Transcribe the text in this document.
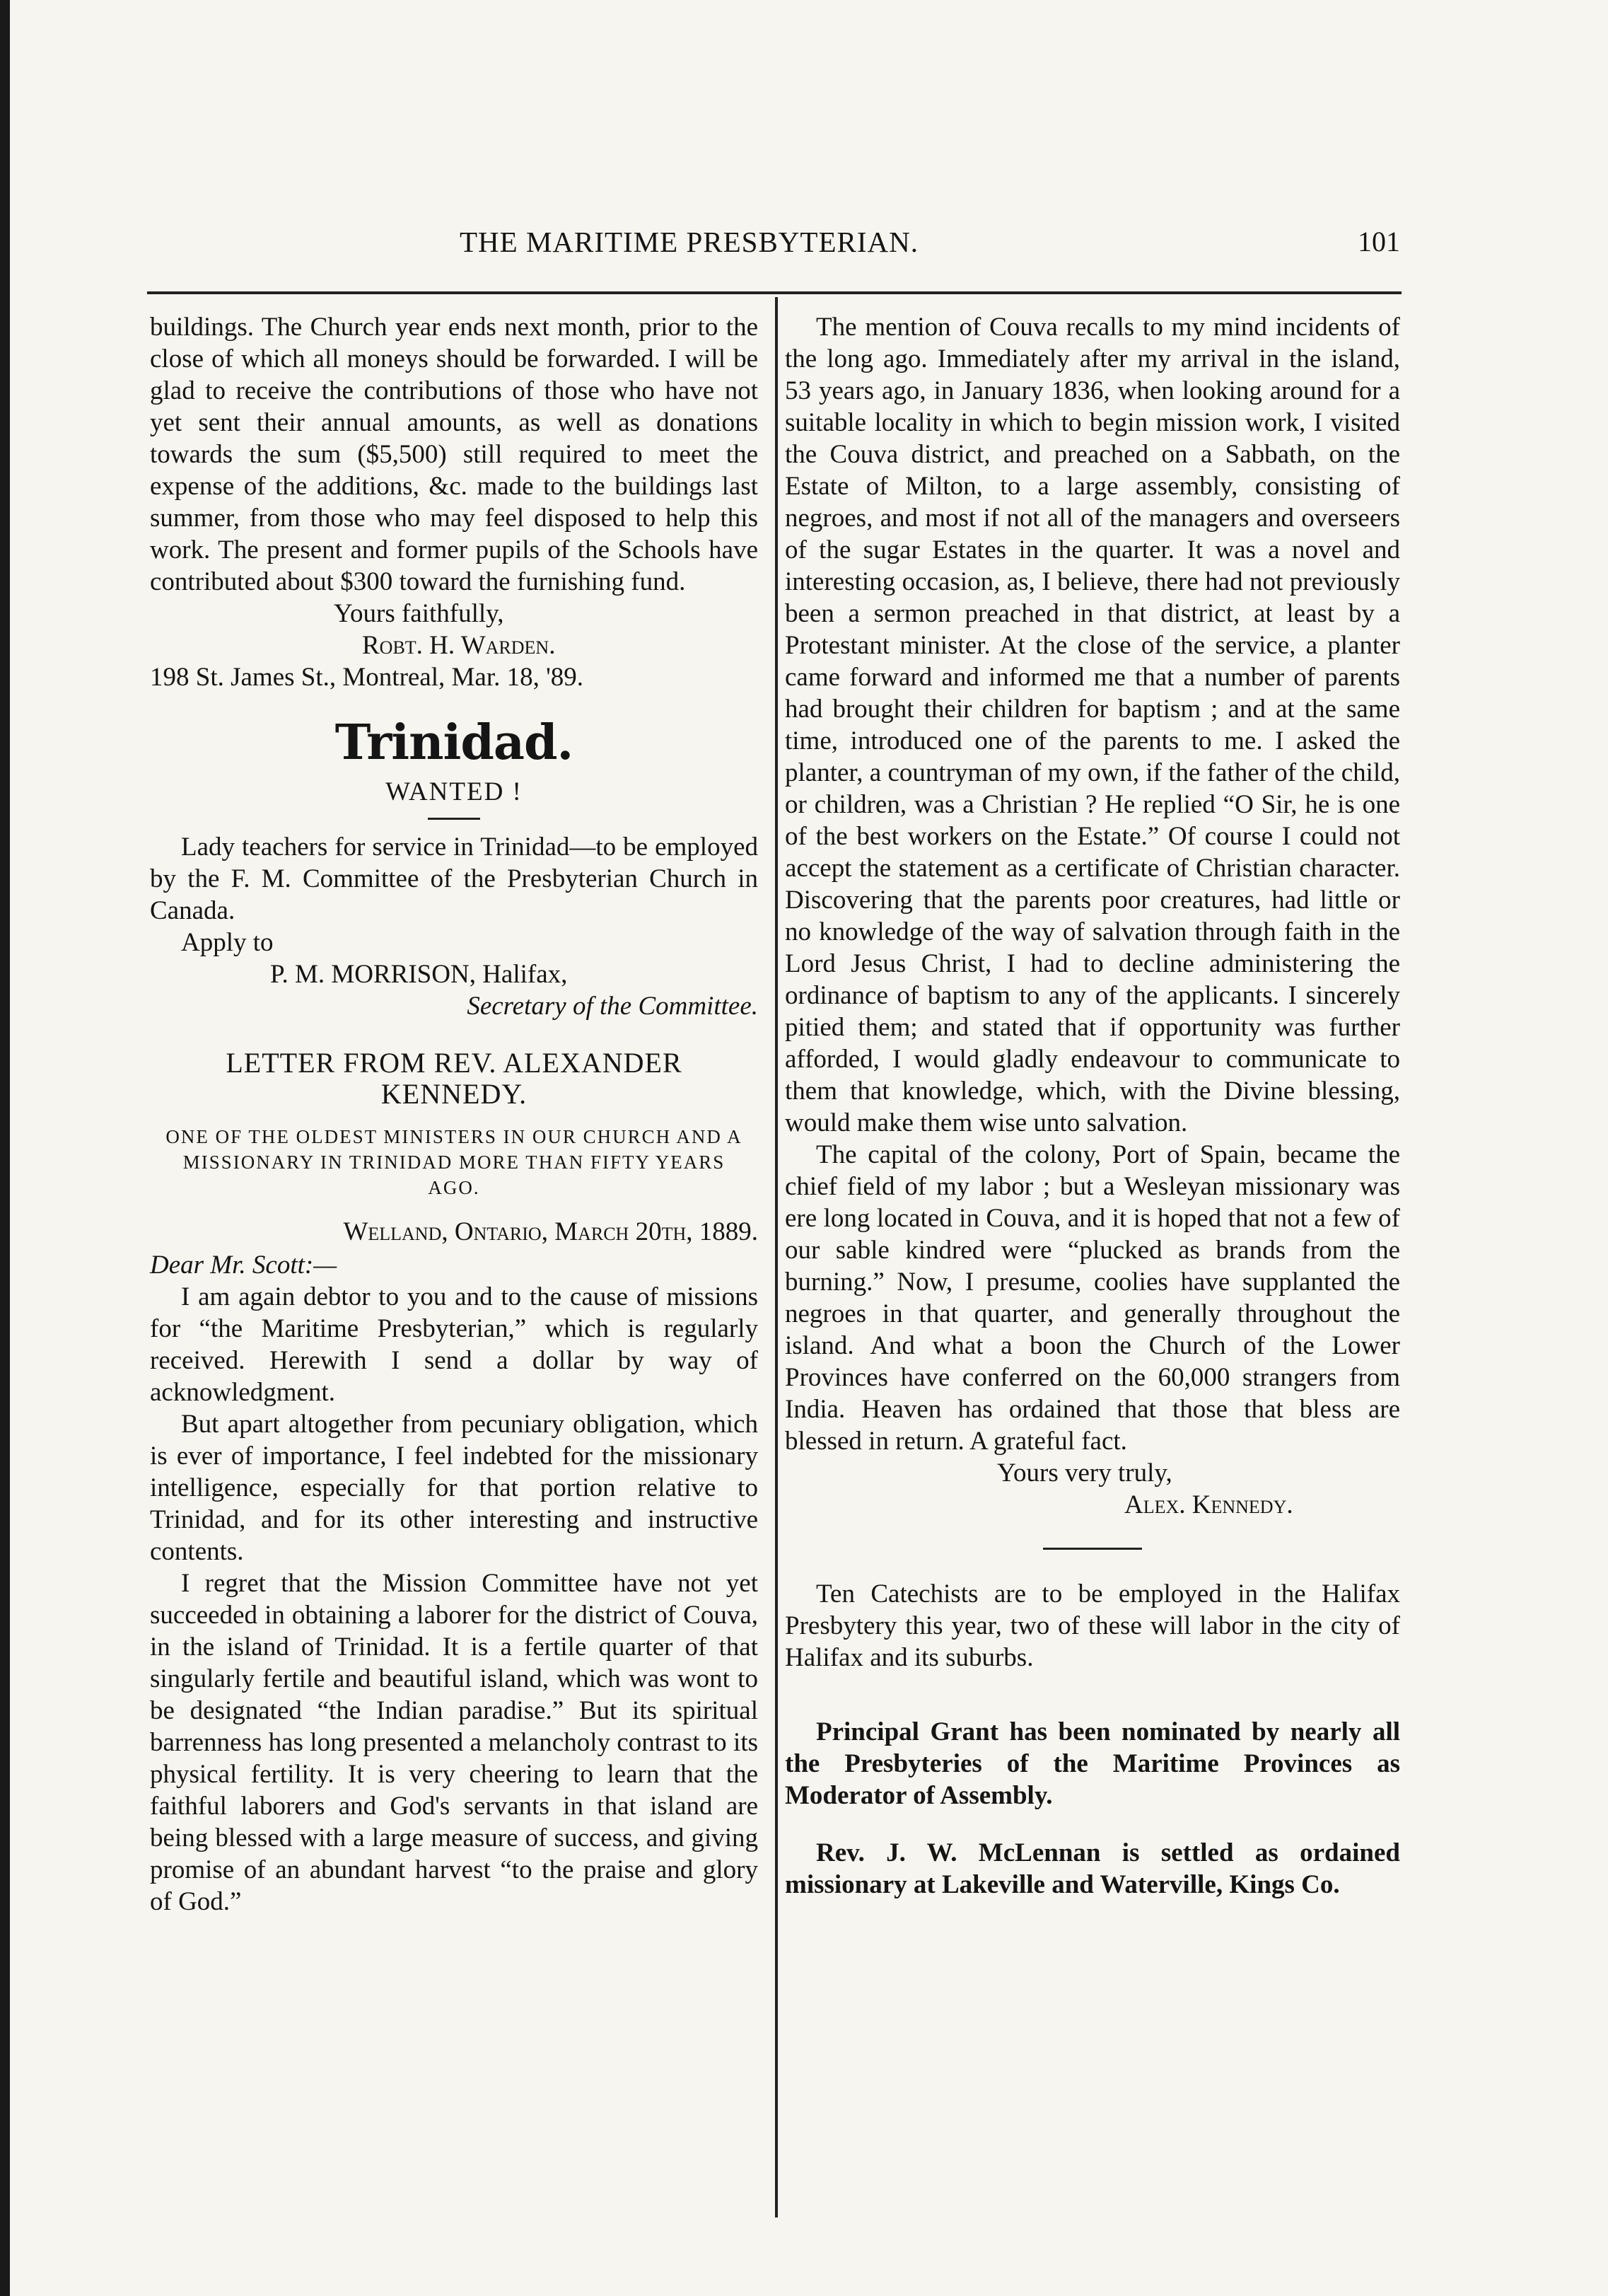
THE MARITIME PRESBYTERIAN.	101

buildings. The Church year ends next month, prior to the close of which all moneys should be forwarded. I will be glad to receive the contributions of those who have not yet sent their annual amounts, as well as donations towards the sum ($5,500) still required to meet the expense of the additions, &c. made to the buildings last summer, from those who may feel disposed to help this work. The present and former pupils of the Schools have contributed about $300 toward the furnishing fund.

Yours faithfully,

Robt. H. Warden.

198 St. James St., Montreal, Mar. 18, '89.

Trinidad.
WANTED !

Lady teachers for service in Trinidad—to be employed by the F. M. Committee of the Presbyterian Church in Canada.

Apply to

P. M. MORRISON, Halifax,

Secretary of the Committee.

LETTER FROM REV. ALEXANDER KENNEDY.
ONE OF THE OLDEST MINISTERS IN OUR CHURCH AND A MISSIONARY IN TRINIDAD MORE THAN FIFTY YEARS AGO.

Welland, Ontario, March 20th, 1889.

Dear Mr. Scott:—

I am again debtor to you and to the cause of missions for “the Maritime Presbyterian,” which is regularly received. Herewith I send a dollar by way of acknowledgment.

But apart altogether from pecuniary obligation, which is ever of importance, I feel indebted for the missionary intelligence, especially for that portion relative to Trinidad, and for its other interesting and instructive contents.

I regret that the Mission Committee have not yet succeeded in obtaining a laborer for the district of Couva, in the island of Trinidad. It is a fertile quarter of that singularly fertile and beautiful island, which was wont to be designated “the Indian paradise.” But its spiritual barrenness has long presented a melancholy contrast to its physical fertility. It is very cheering to learn that the faithful laborers and God's servants in that island are being blessed with a large measure of success, and giving promise of an abundant harvest “to the praise and glory of God.”

The mention of Couva recalls to my mind incidents of the long ago. Immediately after my arrival in the island, 53 years ago, in January 1836, when looking around for a suitable locality in which to begin mission work, I visited the Couva district, and preached on a Sabbath, on the Estate of Milton, to a large assembly, consisting of negroes, and most if not all of the managers and overseers of the sugar Estates in the quarter. It was a novel and interesting occasion, as, I believe, there had not previously been a sermon preached in that district, at least by a Protestant minister. At the close of the service, a planter came forward and informed me that a number of parents had brought their children for baptism ; and at the same time, introduced one of the parents to me. I asked the planter, a countryman of my own, if the father of the child, or children, was a Christian ? He replied “O Sir, he is one of the best workers on the Estate.” Of course I could not accept the statement as a certificate of Christian character. Discovering that the parents poor creatures, had little or no knowledge of the way of salvation through faith in the Lord Jesus Christ, I had to decline administering the ordinance of baptism to any of the applicants. I sincerely pitied them; and stated that if opportunity was further afforded, I would gladly endeavour to communicate to them that knowledge, which, with the Divine blessing, would make them wise unto salvation.

The capital of the colony, Port of Spain, became the chief field of my labor ; but a Wesleyan missionary was ere long located in Couva, and it is hoped that not a few of our sable kindred were “plucked as brands from the burning.” Now, I presume, coolies have supplanted the negroes in that quarter, and generally throughout the island. And what a boon the Church of the Lower Provinces have conferred on the 60,000 strangers from India. Heaven has ordained that those that bless are blessed in return. A grateful fact.

Yours very truly,

Alex. Kennedy.

Ten Catechists are to be employed in the Halifax Presbytery this year, two of these will labor in the city of Halifax and its suburbs.

Principal Grant has been nominated by nearly all the Presbyteries of the Maritime Provinces as Moderator of Assembly.

Rev. J. W. McLennan is settled as ordained missionary at Lakeville and Waterville, Kings Co.
